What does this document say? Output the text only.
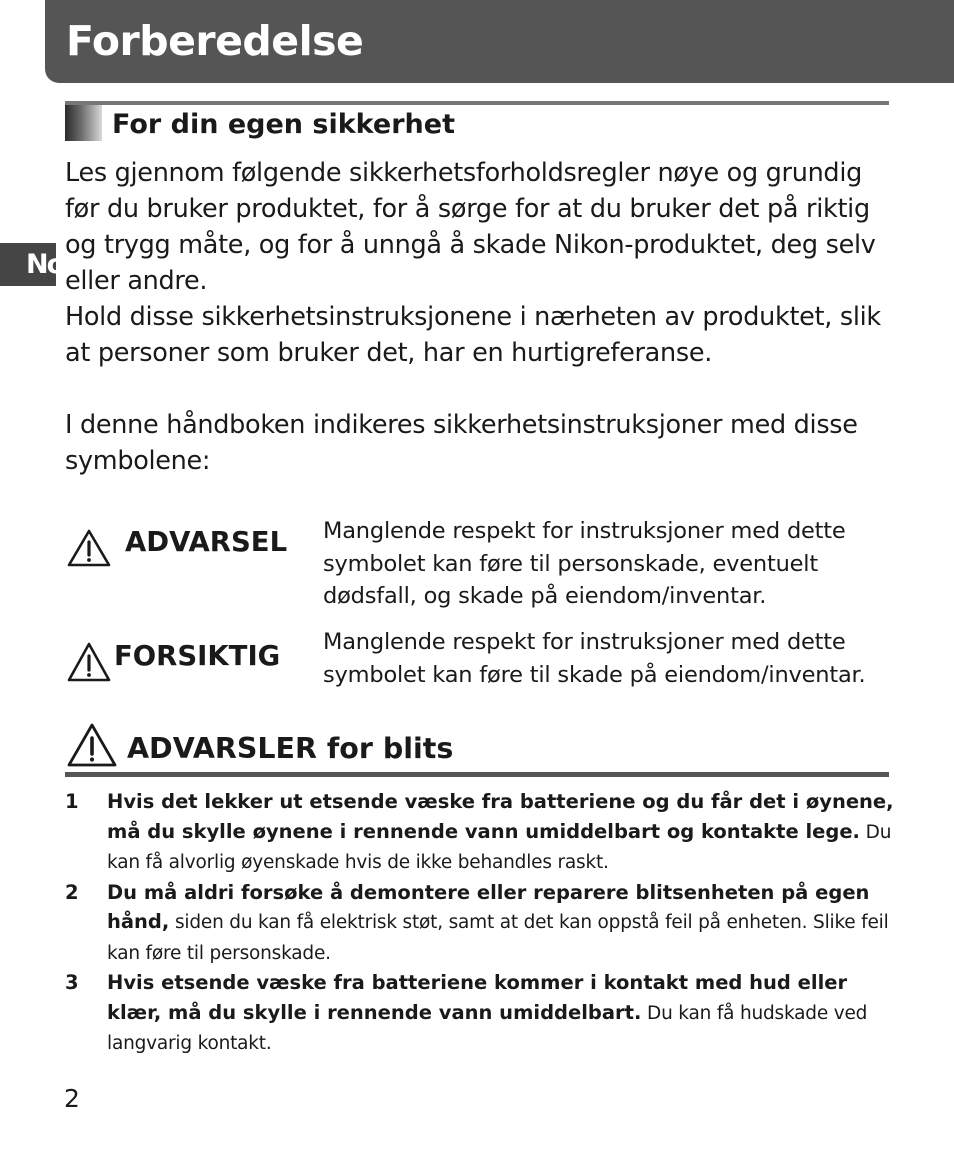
Forberedelse
No
For din egen sikkerhet

Les gjennom følgende sikkerhetsforholdsregler nøye og grundig før du bruker produktet, for å sørge for at du bruker det på riktig og trygg måte, og for å unngå å skade Nikon-produktet, deg selv eller andre.

Hold disse sikkerhetsinstruksjonene i nærheten av produktet, slik at personer som bruker det, har en hurtigreferanse.

I denne håndboken indikeres sikkerhetsinstruksjoner med disse symbolene:

ADVARSEL Manglende respekt for instruksjoner med dette symbolet kan føre til personskade, eventuelt dødsfall, og skade på eiendom/inventar.

FORSIKTIG Manglende respekt for instruksjoner med dette symbolet kan føre til skade på eiendom/inventar.

ADVARSLER for blits
1 Hvis det lekker ut etsende væske fra batteriene og du får det i øynene, må du skylle øynene i rennende vann umiddelbart og kontakte lege. Du kan få alvorlig øyenskade hvis de ikke behandles raskt.
2 Du må aldri forsøke å demontere eller reparere blitsenheten på egen hånd, siden du kan få elektrisk støt, samt at det kan oppstå feil på enheten. Slike feil kan føre til personskade.
3 Hvis etsende væske fra batteriene kommer i kontakt med hud eller klær, må du skylle i rennende vann umiddelbart. Du kan få hudskade ved langvarig kontakt.
2
